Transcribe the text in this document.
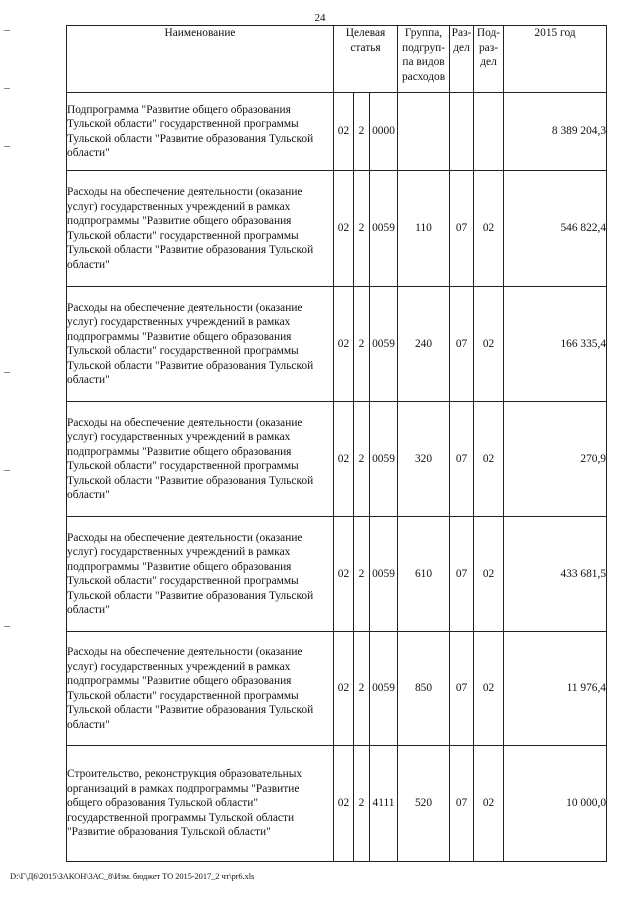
24
Наименование	Целевая статья			Группа, подгруп- па видов расходов	Раз- дел	Под- раз- дел	2015 год
Подпрограмма "Развитие общего образования Тульской области" государственной программы Тульской области "Развитие образования Тульской области"	02	2	0000				8 389 204,3
Расходы на обеспечение деятельности (оказание услуг) государственных учреждений в рамках подпрограммы "Развитие общего образования Тульской области" государственной программы Тульской области "Развитие образования Тульской области"	02	2	0059	110	07	02	546 822,4
Расходы на обеспечение деятельности (оказание услуг) государственных учреждений в рамках подпрограммы "Развитие общего образования Тульской области" государственной программы Тульской области "Развитие образования Тульской области"	02	2	0059	240	07	02	166 335,4
Расходы на обеспечение деятельности (оказание услуг) государственных учреждений в рамках подпрограммы "Развитие общего образования Тульской области" государственной программы Тульской области "Развитие образования Тульской области"	02	2	0059	320	07	02	270,9
Расходы на обеспечение деятельности (оказание услуг) государственных учреждений в рамках подпрограммы "Развитие общего образования Тульской области" государственной программы Тульской области "Развитие образования Тульской области"	02	2	0059	610	07	02	433 681,5
Расходы на обеспечение деятельности (оказание услуг) государственных учреждений в рамках подпрограммы "Развитие общего образования Тульской области" государственной программы Тульской области "Развитие образования Тульской области"	02	2	0059	850	07	02	11 976,4
Строительство, реконструкция образовательных организаций в рамках подпрограммы "Развитие общего образования Тульской области" государственной программы Тульской области "Развитие образования Тульской области"	02	2	4111	520	07	02	10 000,0
D:\Г\Д6\2015\ЗАКОН\ЗАС_8\Изм. бюджет ТО 2015-2017_2 чт\pr6.xls
